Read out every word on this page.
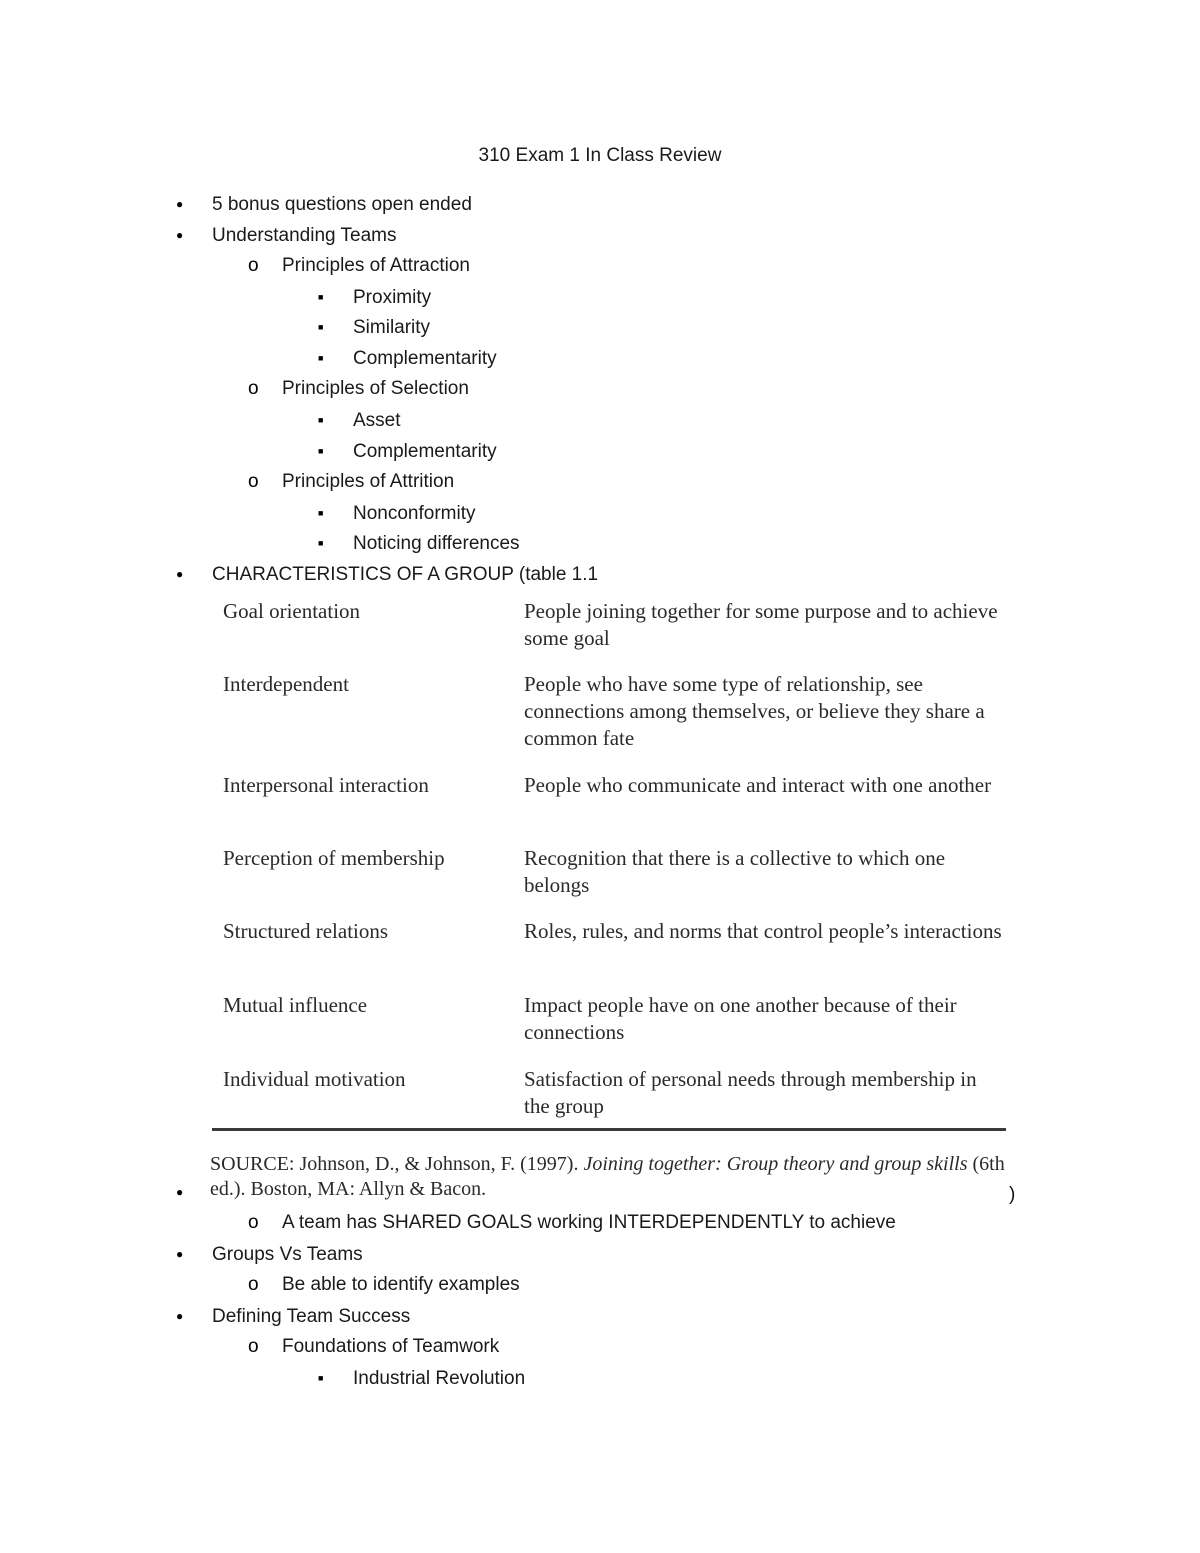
310 Exam 1 In Class Review
●
5 bonus questions open ended
●
Understanding Teams
o
Principles of Attraction
■
Proximity
■
Similarity
■
Complementarity
o
Principles of Selection
■
Asset
■
Complementarity
o
Principles of Attrition
■
Nonconformity
■
Noticing differences
●
CHARACTERISTICS OF A GROUP (table 1.1
Goal orientation	People joining together for some purpose and to achieve some goal
Interdependent	People who have some type of relationship, see connections among themselves, or believe they share a common fate
Interpersonal interaction	People who communicate and interact with one another
Perception of membership	Recognition that there is a collective to which one belongs
Structured relations	Roles, rules, and norms that control people’s interactions
Mutual influence	Impact people have on one another because of their connections
Individual motivation	Satisfaction of personal needs through membership in the group
SOURCE: Johnson, D., & Johnson, F. (1997). Joining together: Group theory and group skills (6th ed.). Boston, MA: Allyn & Bacon.
●	)
o
A team has SHARED GOALS working INTERDEPENDENTLY to achieve
●
Groups Vs Teams
o
Be able to identify examples
●
Defining Team Success
o
Foundations of Teamwork
■
Industrial Revolution
